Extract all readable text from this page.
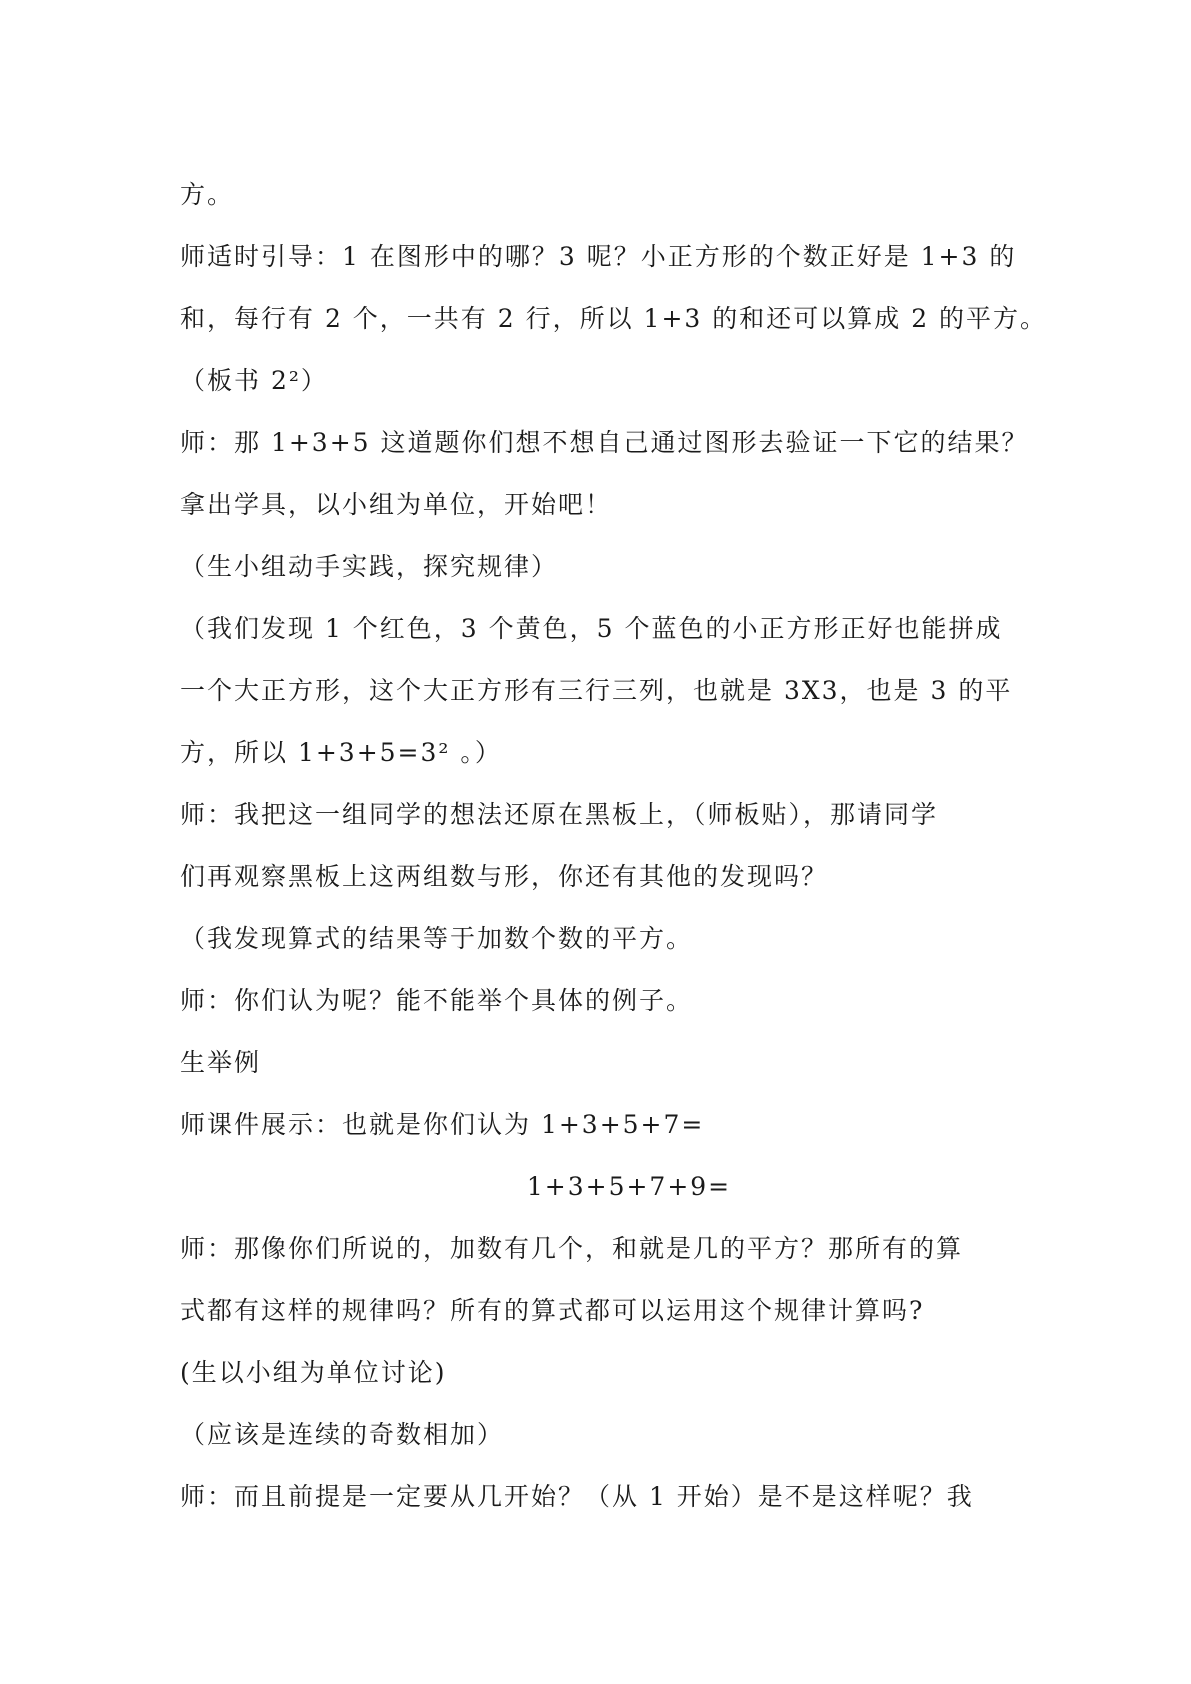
方。
师适时引导：1 在图形中的哪？3 呢？小正方形的个数正好是 1+3 的
和，每行有 2 个，一共有 2 行，所以 1+3 的和还可以算成 2 的平方。
（板书 2²）
师：那 1+3+5 这道题你们想不想自己通过图形去验证一下它的结果？
拿出学具，以小组为单位，开始吧！
（生小组动手实践，探究规律）
（我们发现 1 个红色，3 个黄色，5 个蓝色的小正方形正好也能拼成
一个大正方形，这个大正方形有三行三列，也就是 3X3，也是 3 的平
方，所以 1+3+5=3² 。）
师：我把这一组同学的想法还原在黑板上，（师板贴），那请同学
们再观察黑板上这两组数与形，你还有其他的发现吗？
（我发现算式的结果等于加数个数的平方。
师：你们认为呢？能不能举个具体的例子。
生举例
师课件展示：也就是你们认为 1+3+5+7=
1+3+5+7+9=
师：那像你们所说的，加数有几个，和就是几的平方？那所有的算
式都有这样的规律吗？所有的算式都可以运用这个规律计算吗?
(生以小组为单位讨论)
（应该是连续的奇数相加）
师：而且前提是一定要从几开始？（从 1 开始）是不是这样呢？我
